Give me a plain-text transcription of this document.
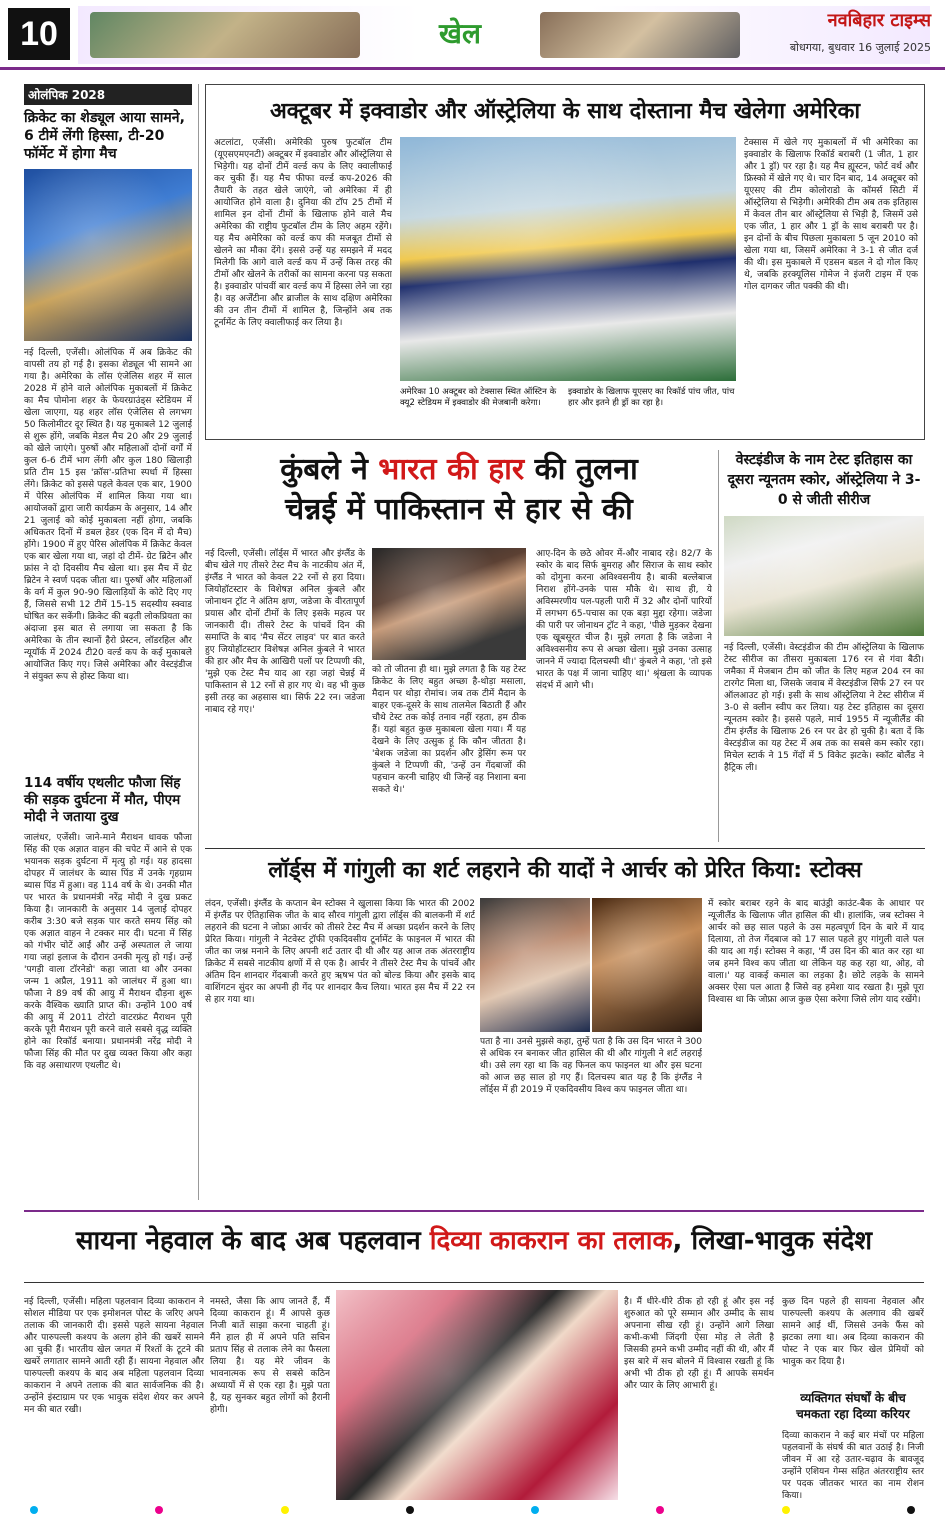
10	खेल	नवबिहार टाइम्स
बोधगया, बुधवार 16 जुलाई 2025
ओलंपिक 2028
क्रिकेट का शेड्यूल आया सामने, 6 टीमें लेंगी हिस्सा, टी-20 फॉर्मेट में होगा मैच
नई दिल्ली, एजेंसी। ओलंपिक में अब क्रिकेट की वापसी तय हो गई है। इसका शेड्यूल भी सामने आ गया है। अमेरिका के लॉस एंजेलिस शहर में साल 2028 में होने वाले ओलंपिक मुकाबलों में क्रिकेट का मैच पोमोना शहर के फेयरग्राउंड्स स्टेडियम में खेला जाएगा, यह शहर लॉस एंजेलिस से लगभग 50 किलोमीटर दूर स्थित है। यह मुकाबले 12 जुलाई से शुरू होंगे, जबकि मेडल मैच 20 और 29 जुलाई को खेले जाएंगे। पुरुषों और महिलाओं दोनों वर्गों में कुल 6-6 टीमें भाग लेंगी और कुल 180 खिलाड़ी प्रति टीम 15 इस 'क्रॉस'-प्रतिभा स्पर्धा में हिस्सा लेंगे। क्रिकेट को इससे पहले केवल एक बार, 1900 में पेरिस ओलंपिक में शामिल किया गया था। आयोजकों द्वारा जारी कार्यक्रम के अनुसार, 14 और 21 जुलाई को कोई मुकाबला नहीं होगा, जबकि अधिकतर दिनों में डबल हेडर (एक दिन में दो मैच) होंगे। 1900 में हुए पेरिस ओलंपिक में क्रिकेट केवल एक बार खेला गया था, जहां दो टीमें- ग्रेट ब्रिटेन और फ्रांस ने दो दिवसीय मैच खेला था। इस मैच में ग्रेट ब्रिटेन ने स्वर्ण पदक जीता था। पुरुषों और महिलाओं के वर्ग में कुल 90-90 खिलाड़ियों के कोटे दिए गए हैं, जिससे सभी 12 टीमें 15-15 सदस्यीय स्क्वाड घोषित कर सकेंगी। क्रिकेट की बढ़ती लोकप्रियता का अंदाजा इस बात से लगाया जा सकता है कि अमेरिका के तीन स्थानों हैरो प्रेस्टन, लॉडरहिल और न्यूयॉर्क में 2024 टी20 वर्ल्ड कप के कई मुकाबले आयोजित किए गए। जिसे अमेरिका और वेस्टइंडीज ने संयुक्त रूप से होस्ट किया था।
114 वर्षीय एथलीट फौजा सिंह की सड़क दुर्घटना में मौत, पीएम मोदी ने जताया दुख
जालंधर, एजेंसी। जाने-माने मैराथन धावक फौजा सिंह की एक अज्ञात वाहन की चपेट में आने से एक भयानक सड़क दुर्घटना में मृत्यु हो गई। यह हादसा दोपहर में जालंधर के ब्यास पिंड में उनके गृहग्राम ब्यास पिंड में हुआ। वह 114 वर्ष के थे। उनकी मौत पर भारत के प्रधानमंत्री नरेंद्र मोदी ने दुख प्रकट किया है। जानकारी के अनुसार 14 जुलाई दोपहर करीब 3:30 बजे सड़क पार करते समय सिंह को एक अज्ञात वाहन ने टक्कर मार दी। घटना में सिंह को गंभीर चोटें आईं और उन्हें अस्पताल ले जाया गया जहां इलाज के दौरान उनकी मृत्यु हो गई। उन्हें 'पगड़ी वाला टॉरनेडो' कहा जाता था और उनका जन्म 1 अप्रैल, 1911 को जालंधर में हुआ था। फौजा ने 89 वर्ष की आयु में मैराथन दौड़ना शुरू करके वैश्विक ख्याति प्राप्त की। उन्होंने 100 वर्ष की आयु में 2011 टोरंटो वाटरफ्रंट मैराथन पूरी करके पूरी मैराथन पूरी करने वाले सबसे वृद्ध व्यक्ति होने का रिकॉर्ड बनाया। प्रधानमंत्री नरेंद्र मोदी ने फौजा सिंह की मौत पर दुख व्यक्त किया और कहा कि वह असाधारण एथलीट थे।
अक्टूबर में इक्वाडोर और ऑस्ट्रेलिया के साथ दोस्ताना मैच खेलेगा अमेरिका
अटलांटा, एजेंसी। अमेरिकी पुरुष फुटबॉल टीम (यूएसएमएनटी) अक्टूबर में इक्वाडोर और ऑस्ट्रेलिया से भिड़ेगी। यह दोनों टीमें वर्ल्ड कप के लिए क्वालीफाई कर चुकी हैं। यह मैच फीफा वर्ल्ड कप-2026 की तैयारी के तहत खेले जाएंगे, जो अमेरिका में ही आयोजित होने वाला है। दुनिया की टॉप 25 टीमों में शामिल इन दोनों टीमों के खिलाफ होने वाले मैच अमेरिका की राष्ट्रीय फुटबॉल टीम के लिए अहम रहेंगे। यह मैच अमेरिका को वर्ल्ड कप की मजबूत टीमों से खेलने का मौका देंगे। इससे उन्हें यह समझने में मदद मिलेगी कि आगे वाले वर्ल्ड कप में उन्हें किस तरह की टीमों और खेलने के तरीकों का सामना करना पड़ सकता है। इक्वाडोर पांचवीं बार वर्ल्ड कप में हिस्सा लेने जा रहा है। वह अर्जेंटीना और ब्राजील के साथ दक्षिण अमेरिका की उन तीन टीमों में शामिल है, जिन्होंने अब तक टूर्नामेंट के लिए क्वालीफाई कर लिया है।
अमेरिका 10 अक्टूबर को टेक्सास स्थित ऑस्टिन के क्यू2 स्टेडियम में इक्वाडोर की मेजबानी करेगा।
इक्वाडोर के खिलाफ यूएसए का रिकॉर्ड पांच जीत, पांच हार और इतने ही ड्रॉ का रहा है।
टेक्सास में खेले गए मुकाबलों में भी अमेरिका का इक्वाडोर के खिलाफ रिकॉर्ड बराबरी (1 जीत, 1 हार और 1 ड्रॉ) पर रहा है। यह मैच ह्यूस्टन, फोर्ट वर्थ और फ्रिस्को में खेले गए थे। चार दिन बाद, 14 अक्टूबर को यूएसए की टीम कोलोराडो के कॉमर्स सिटी में ऑस्ट्रेलिया से भिड़ेगी। अमेरिकी टीम अब तक इतिहास में केवल तीन बार ऑस्ट्रेलिया से भिड़ी है, जिसमें उसे एक जीत, 1 हार और 1 ड्रॉ के साथ बराबरी पर है। इन दोनों के बीच पिछला मुकाबला 5 जून 2010 को खेला गया था, जिसमें अमेरिका ने 3-1 से जीत दर्ज की थी। इस मुकाबले में एडसन बडल ने दो गोल किए थे, जबकि हरक्यूलिस गोमेज ने इंजरी टाइम में एक गोल दागकर जीत पक्की की थी।
कुंबले ने भारत की हार की तुलना
चेन्नई में पाकिस्तान से हार से की
नई दिल्ली, एजेंसी। लॉर्ड्स में भारत और इंग्लैंड के बीच खेले गए तीसरे टेस्ट मैच के नाटकीय अंत में, इंग्लैंड ने भारत को केवल 22 रनों से हरा दिया। जियोहॉटस्टार के विशेषज्ञ अनिल कुंबले और जोनाथन ट्रॉट ने अंतिम क्षण, जडेजा के वीरतापूर्ण प्रयास और दोनों टीमों के लिए इसके महत्व पर जानकारी दी। तीसरे टेस्ट के पांचवें दिन की समाप्ति के बाद 'मैच सेंटर लाइव' पर बात करते हुए जियोहॉटस्टार विशेषज्ञ अनिल कुंबले ने भारत की हार और मैच के आखिरी पलों पर टिप्पणी की, 'मुझे एक टेस्ट मैच याद आ रहा जहां चेन्नई में पाकिस्तान से 12 रनों से हार गए थे। वह भी कुछ इसी तरह का अहसास था। सिर्फ 22 रन। जडेजा नाबाद रहे गए।'
को तो जीतना ही था। मुझे लगता है कि यह टेस्ट क्रिकेट के लिए बहुत अच्छा है-थोड़ा मसाला, मैदान पर थोड़ा रोमांच। जब तक टीमें मैदान के बाहर एक-दूसरे के साथ तालमेल बिठाती हैं और चौथे टेस्ट तक कोई तनाव नहीं रहता, हम ठीक हैं। यहां बहुत कुछ मुकाबला खेला गया। मैं यह देखने के लिए उत्सुक हूं कि कौन जीतता है। 'बेशक जडेजा का प्रदर्शन और ड्रेसिंग रूम पर कुंबले ने टिप्पणी की, 'उन्हें उन गेंदबाजों की पहचान करनी चाहिए थी जिन्हें वह निशाना बना सकते थे।'
आए-दिन के छठे ओवर में-और नाबाद रहे। 82/7 के स्कोर के बाद सिर्फ बुमराह और सिराज के साथ स्कोर को दोगुना करना अविश्वसनीय है। बाकी बल्लेबाज निराश होंगे-उनके पास मौके थे। साथ ही, ये अविस्मरणीय पल-पहली पारी में 32 और दोनों पारियों में लगभग 65-पचास का एक बड़ा मुद्दा रहेगा। जडेजा की पारी पर जोनाथन ट्रॉट ने कहा, 'पीछे मुड़कर देखना एक खूबसूरत चीज है। मुझे लगता है कि जडेजा ने अविश्वसनीय रूप से अच्छा खेला। मुझे उनका उत्साह जानने में ज्यादा दिलचस्पी थी।' कुंबले ने कहा, 'तो इसे भारत के पक्ष में जाना चाहिए था।' श्रृंखला के व्यापक संदर्भ में आगे भी।
वेस्टइंडीज के नाम टेस्ट इतिहास का दूसरा न्यूनतम स्कोर, ऑस्ट्रेलिया ने 3-0 से जीती सीरीज
नई दिल्ली, एजेंसी। वेस्टइंडीज की टीम ऑस्ट्रेलिया के खिलाफ टेस्ट सीरीज का तीसरा मुकाबला 176 रन से गंवा बैठी। जमैका में मेजबान टीम को जीत के लिए महज 204 रन का टारगेट मिला था, जिसके जवाब में वेस्टइंडीज सिर्फ 27 रन पर ऑलआउट हो गई। इसी के साथ ऑस्ट्रेलिया ने टेस्ट सीरीज में 3-0 से क्लीन स्वीप कर लिया। यह टेस्ट इतिहास का दूसरा न्यूनतम स्कोर है। इससे पहले, मार्च 1955 में न्यूजीलैंड की टीम इंग्लैंड के खिलाफ 26 रन पर ढेर हो चुकी है। बता दें कि वेस्टइंडीज का यह टेस्ट में अब तक का सबसे कम स्कोर रहा। मिचेल स्टार्क ने 15 गेंदों में 5 विकेट झटके। स्कॉट बोलैंड ने हैट्रिक ली।
लॉर्ड्स में गांगुली का शर्ट लहराने की यादों ने आर्चर को प्रेरित किया: स्टोक्स
लंदन, एजेंसी। इंग्लैंड के कप्तान बेन स्टोक्स ने खुलासा किया कि भारत की 2002 में इंग्लैंड पर ऐतिहासिक जीत के बाद सौरव गांगुली द्वारा लॉर्ड्स की बालकनी में शर्ट लहराने की घटना ने जोफ्रा आर्चर को तीसरे टेस्ट मैच में अच्छा प्रदर्शन करने के लिए प्रेरित किया। गांगुली ने नेटवेस्ट ट्रॉफी एकदिवसीय टूर्नामेंट के फाइनल में भारत की जीत का जश्न मनाने के लिए अपनी शर्ट उतार दी थी और यह आज तक अंतरराष्ट्रीय क्रिकेट में सबसे नाटकीय क्षणों में से एक है। आर्चर ने तीसरे टेस्ट मैच के पांचवें और अंतिम दिन शानदार गेंदबाजी करते हुए ऋषभ पंत को बोल्ड किया और इसके बाद वाशिंगटन सुंदर का अपनी ही गेंद पर शानदार कैच लिया। भारत इस मैच में 22 रन से हार गया था।
पता है ना। उनसे मुझसे कहा, तुम्हें पता है कि उस दिन भारत ने 300 से अधिक रन बनाकर जीत हासिल की थी और गांगुली ने शर्ट लहराई थी। उसे लग रहा था कि वह फिनल कप फाइनल था और इस घटना को आज छह साल हो गए हैं। दिलचस्प बात यह है कि इंग्लैंड ने लॉर्ड्स में ही 2019 में एकदिवसीय विश्व कप फाइनल जीता था।
में स्कोर बराबर रहने के बाद बाउंड्री काउंट-बैक के आधार पर न्यूजीलैंड के खिलाफ जीत हासिल की थी। हालांकि, जब स्टोक्स ने आर्चर को छह साल पहले के उस महत्वपूर्ण दिन के बारे में याद दिलाया, तो तेज गेंदबाज को 17 साल पहले हुए गांगुली वाले पल की याद आ गई। स्टोक्स ने कहा, 'मैं उस दिन की बात कर रहा था जब हमने विश्व कप जीता था लेकिन यह कह रहा था, ओह, वो वाला।' यह वाकई कमाल का लड़का है। छोटे लड़के के सामने अक्सर ऐसा पल आता है जिसे वह हमेशा याद रखता है। मुझे पूरा विश्वास था कि जोफ्रा आज कुछ ऐसा करेगा जिसे लोग याद रखेंगे।
सायना नेहवाल के बाद अब पहलवान दिव्या काकरान का तलाक, लिखा-भावुक संदेश
नई दिल्ली, एजेंसी। महिला पहलवान दिव्या काकरान ने सोशल मीडिया पर एक इमोशनल पोस्ट के जरिए अपने तलाक की जानकारी दी। इससे पहले सायना नेहवाल और पारुपल्ली कश्यप के अलग होने की खबरें सामने आ चुकी हैं। भारतीय खेल जगत में रिश्तों के टूटने की खबरें लगातार सामने आती रही हैं। सायना नेहवाल और पारुपल्ली कश्यप के बाद अब महिला पहलवान दिव्या काकरान ने अपने तलाक की बात सार्वजनिक की है। उन्होंने इंस्टाग्राम पर एक भावुक संदेश शेयर कर अपने मन की बात रखी।
नमस्ते, जैसा कि आप जानते हैं, मैं दिव्या काकरान हूं। मैं आपसे कुछ निजी बातें साझा करना चाहती हूं। मैंने हाल ही में अपने पति सचिन प्रताप सिंह से तलाक लेने का फैसला लिया है। यह मेरे जीवन के भावनात्मक रूप से सबसे कठिन अध्यायों में से एक रहा है। मुझे पता है, यह सुनकर बहुत लोगों को हैरानी होगी।
है। मैं धीरे-धीरे ठीक हो रही हूं और इस नई शुरुआत को पूरे सम्मान और उम्मीद के साथ अपनाना सीख रही हूं। उन्होंने आगे लिखा कभी-कभी जिंदगी ऐसा मोड़ ले लेती है जिसकी हमने कभी उम्मीद नहीं की थी, और मैं इस बारे में सच बोलने में विश्वास रखती हूं कि अभी भी ठीक हो रही हूं। मैं आपके समर्थन और प्यार के लिए आभारी हूं।
कुछ दिन पहले ही सायना नेहवाल और पारुपल्ली कश्यप के अलगाव की खबरें सामने आई थीं, जिससे उनके फैंस को झटका लगा था। अब दिव्या काकरान की पोस्ट ने एक बार फिर खेल प्रेमियों को भावुक कर दिया है।
व्यक्तिगत संघर्षों के बीच चमकता रहा दिव्या करियर
दिव्या काकरान ने कई बार मंचों पर महिला पहलवानों के संघर्ष की बात उठाई है। निजी जीवन में आ रहे उतार-चढ़ाव के बावजूद उन्होंने एशियन गेम्स सहित अंतरराष्ट्रीय स्तर पर पदक जीतकर भारत का नाम रोशन किया।
